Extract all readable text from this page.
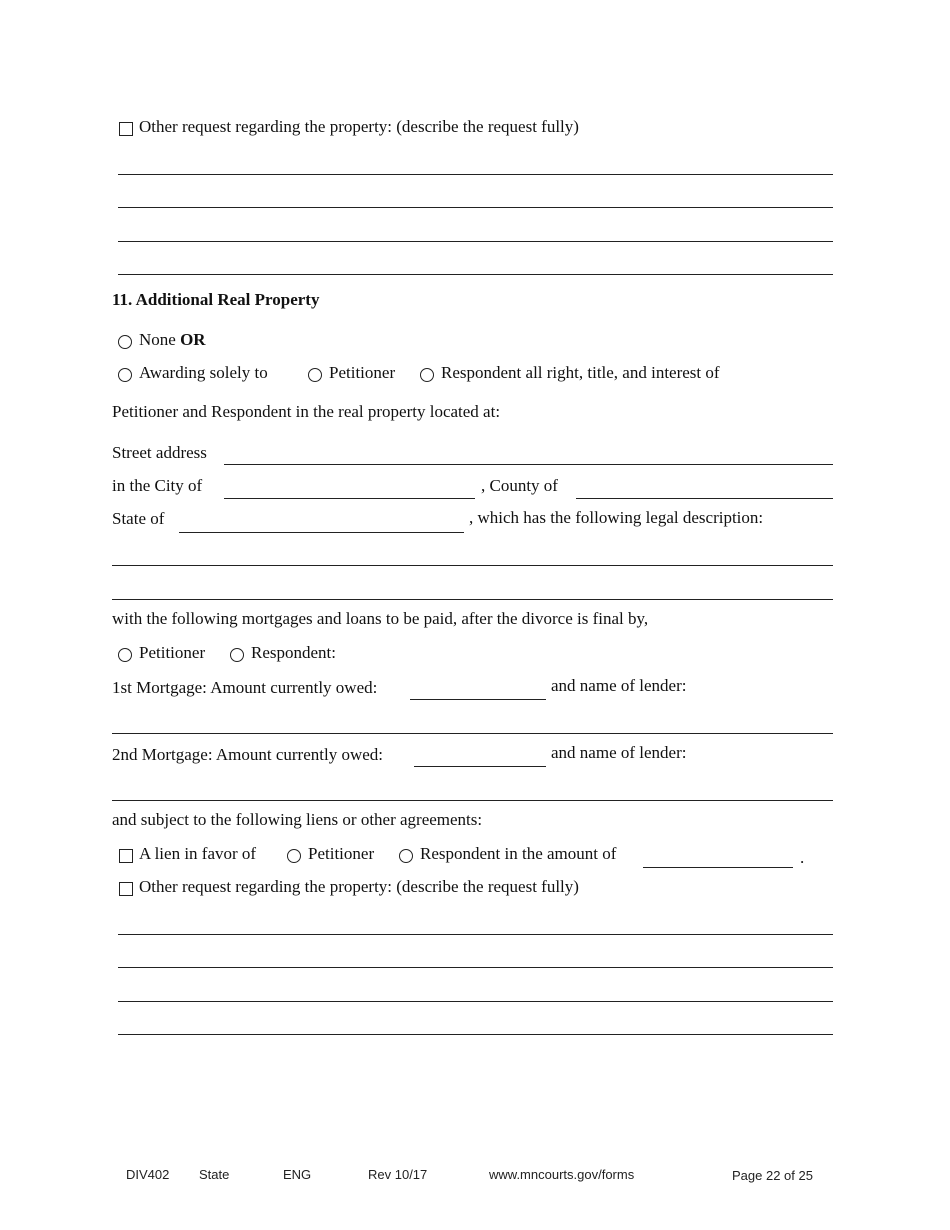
Other request regarding the property: (describe the request fully)
11. Additional Real Property
None OR
Awarding solely to	Petitioner	Respondent all right, title, and interest of
Petitioner and Respondent in the real property located at:
Street address
in the City of	, County of
State of	, which has the following legal description:
with the following mortgages and loans to be paid, after the divorce is final by,
Petitioner	Respondent:
1st Mortgage: Amount currently owed:	and name of lender:
2nd Mortgage: Amount currently owed:	and name of lender:
and subject to the following liens or other agreements:
A lien in favor of	Petitioner	Respondent in the amount of	.
Other request regarding the property: (describe the request fully)
DIV402 State	ENG	Rev 10/17	www.mncourts.gov/forms	Page 22 of 25
